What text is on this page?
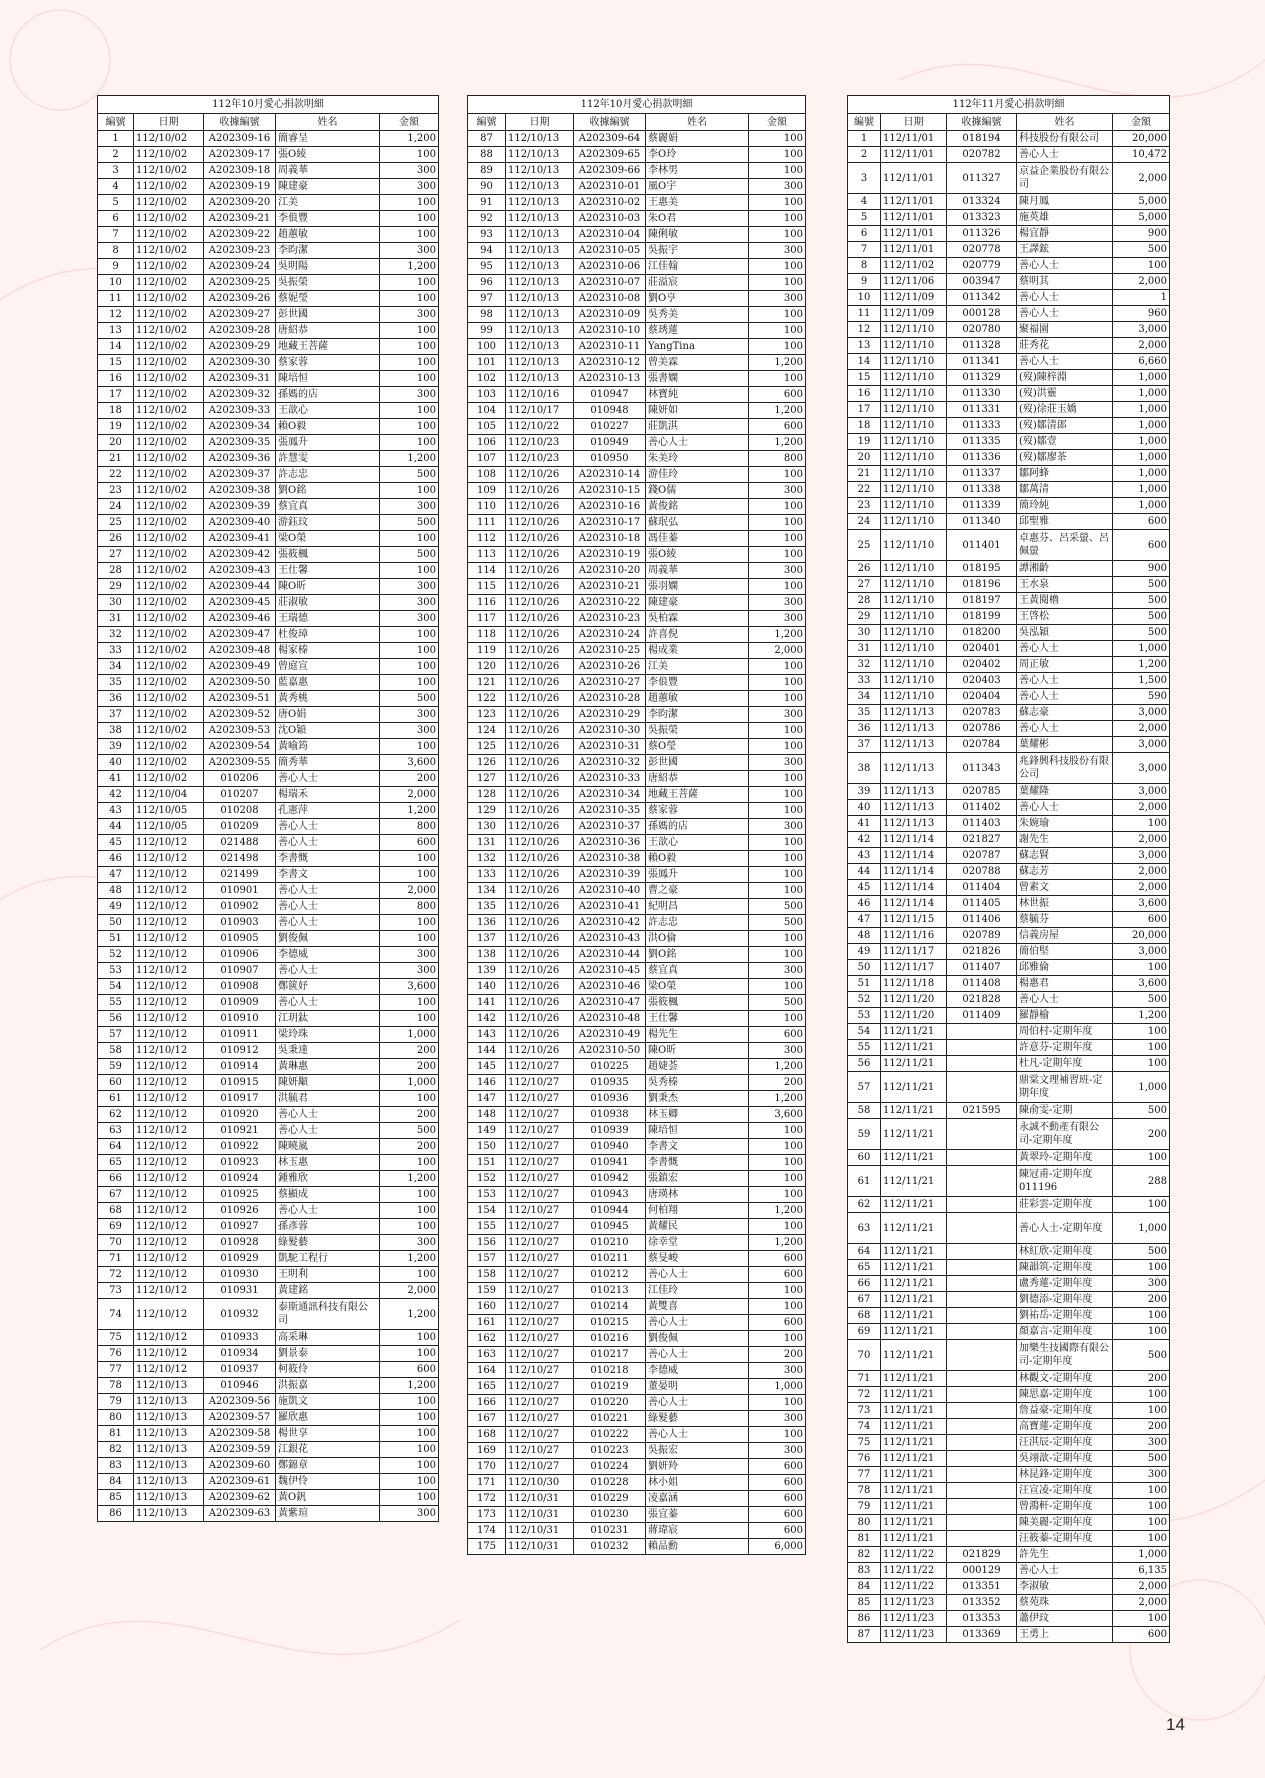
112年10月愛心捐款明細				
編號	日期	收據編號	姓名	金額
1	112/10/02	A202309-16	簡睿呈	1,200
2	112/10/02	A202309-17	張O綾	100
3	112/10/02	A202309-18	周義華	300
4	112/10/02	A202309-19	陳建豪	300
5	112/10/02	A202309-20	江美	100
6	112/10/02	A202309-21	李俍豐	100
7	112/10/02	A202309-22	趙蕙敏	100
8	112/10/02	A202309-23	李昀潔	300
9	112/10/02	A202309-24	吳明陽	1,200
10	112/10/02	A202309-25	吳振榮	100
11	112/10/02	A202309-26	蔡妮瑩	100
12	112/10/02	A202309-27	彭世國	300
13	112/10/02	A202309-28	唐紹恭	100
14	112/10/02	A202309-29	地藏王菩薩	100
15	112/10/02	A202309-30	蔡家蓉	100
16	112/10/02	A202309-31	陳培恒	100
17	112/10/02	A202309-32	孫媽的店	300
18	112/10/02	A202309-33	王歆心	100
19	112/10/02	A202309-34	賴O毅	100
20	112/10/02	A202309-35	張鳳升	100
21	112/10/02	A202309-36	許慧雯	1,200
22	112/10/02	A202309-37	許志忠	500
23	112/10/02	A202309-38	劉O銘	100
24	112/10/02	A202309-39	蔡宜真	300
25	112/10/02	A202309-40	游鈺玟	500
26	112/10/02	A202309-41	梁O榮	100
27	112/10/02	A202309-42	張筱楓	500
28	112/10/02	A202309-43	王仕馨	100
29	112/10/02	A202309-44	陳O昕	300
30	112/10/02	A202309-45	莊淑敏	300
31	112/10/02	A202309-46	王瑞德	300
32	112/10/02	A202309-47	杜俊璋	100
33	112/10/02	A202309-48	楊家榛	100
34	112/10/02	A202309-49	曾庭宣	100
35	112/10/02	A202309-50	藍嘉惠	100
36	112/10/02	A202309-51	黃秀桃	500
37	112/10/02	A202309-52	唐O娟	300
38	112/10/02	A202309-53	沈O穎	300
39	112/10/02	A202309-54	黃喻筠	100
40	112/10/02	A202309-55	簡秀華	3,600
41	112/10/02	010206	善心人士	200
42	112/10/04	010207	楊瑞禾	2,000
43	112/10/05	010208	孔憲萍	1,200
44	112/10/05	010209	善心人士	800
45	112/10/12	021488	善心人士	600
46	112/10/12	021498	李書慨	100
47	112/10/12	021499	李書文	100
48	112/10/12	010901	善心人士	2,000
49	112/10/12	010902	善心人士	800
50	112/10/12	010903	善心人士	100
51	112/10/12	010905	劉俊佩	100
52	112/10/12	010906	李德威	300
53	112/10/12	010907	善心人士	300
54	112/10/12	010908	鄭篋妤	3,600
55	112/10/12	010909	善心人士	100
56	112/10/12	010910	江玥鈦	100
57	112/10/12	010911	梁玲珠	1,000
58	112/10/12	010912	吳秉達	200
59	112/10/12	010914	黃琳惠	200
60	112/10/12	010915	陳妍顒	1,000
61	112/10/12	010917	洪毓君	100
62	112/10/12	010920	善心人士	200
63	112/10/12	010921	善心人士	500
64	112/10/12	010922	陳曉嵐	200
65	112/10/12	010923	林玉惠	100
66	112/10/12	010924	鍾雅欣	1,200
67	112/10/12	010925	蔡顯成	100
68	112/10/12	010926	善心人士	100
69	112/10/12	010927	孫彥蓉	100
70	112/10/12	010928	綠髮藝	300
71	112/10/12	010929	凱駝工程行	1,200
72	112/10/12	010930	王明利	100
73	112/10/12	010931	黃建銘	2,000
74	112/10/12	010932	泰斯通訊科技有限公司	1,200
75	112/10/12	010933	高采琳	100
76	112/10/12	010934	劉景泰	100
77	112/10/12	010937	柯筱伶	600
78	112/10/13	010946	洪振嘉	1,200
79	112/10/13	A202309-56	施凱文	100
80	112/10/13	A202309-57	羅欣惠	100
81	112/10/13	A202309-58	楊世享	100
82	112/10/13	A202309-59	江銀花	100
83	112/10/13	A202309-60	鄭錦章	100
84	112/10/13	A202309-61	魏伊伶	100
85	112/10/13	A202309-62	黃O釩	100
86	112/10/13	A202309-63	黃紫瑄	300
112年10月愛心捐款明細				
編號	日期	收據編號	姓名	金額
87	112/10/13	A202309-64	蔡麗娟	100
88	112/10/13	A202309-65	李O玲	100
89	112/10/13	A202309-66	李林男	100
90	112/10/13	A202310-01	風O宇	300
91	112/10/13	A202310-02	王惠美	100
92	112/10/13	A202310-03	朱O君	100
93	112/10/13	A202310-04	陳俐敏	100
94	112/10/13	A202310-05	吳振宇	300
95	112/10/13	A202310-06	江佳翰	100
96	112/10/13	A202310-07	莊溢宸	100
97	112/10/13	A202310-08	劉O亨	300
98	112/10/13	A202310-09	吳秀美	100
99	112/10/13	A202310-10	蔡琇蓮	100
100	112/10/13	A202310-11	YangTina	100
101	112/10/13	A202310-12	曾美霖	1,200
102	112/10/13	A202310-13	張書嫻	100
103	112/10/16	010947	林寶純	600
104	112/10/17	010948	陳妍如	1,200
105	112/10/22	010227	莊凱淇	600
106	112/10/23	010949	善心人士	1,200
107	112/10/23	010950	朱美玲	800
108	112/10/26	A202310-14	游佳玲	100
109	112/10/26	A202310-15	錢O儒	300
110	112/10/26	A202310-16	黃俊銘	100
111	112/10/26	A202310-17	蘇珉弘	100
112	112/10/26	A202310-18	馮佳蓁	100
113	112/10/26	A202310-19	張O綾	100
114	112/10/26	A202310-20	周義華	300
115	112/10/26	A202310-21	張羽嫻	100
116	112/10/26	A202310-22	陳建豪	300
117	112/10/26	A202310-23	吳柏霖	300
118	112/10/26	A202310-24	許喜倪	1,200
119	112/10/26	A202310-25	楊成業	2,000
120	112/10/26	A202310-26	江美	100
121	112/10/26	A202310-27	李俍豐	100
122	112/10/26	A202310-28	趙蕙敏	100
123	112/10/26	A202310-29	李昀潔	300
124	112/10/26	A202310-30	吳振榮	100
125	112/10/26	A202310-31	蔡O瑩	100
126	112/10/26	A202310-32	彭世國	300
127	112/10/26	A202310-33	唐紹恭	100
128	112/10/26	A202310-34	地藏王菩薩	100
129	112/10/26	A202310-35	蔡家蓉	100
130	112/10/26	A202310-37	孫媽的店	300
131	112/10/26	A202310-36	王歆心	100
132	112/10/26	A202310-38	賴O毅	100
133	112/10/26	A202310-39	張鳳升	100
134	112/10/26	A202310-40	曹之豪	100
135	112/10/26	A202310-41	紀明昌	500
136	112/10/26	A202310-42	許志忠	500
137	112/10/26	A202310-43	洪O倫	100
138	112/10/26	A202310-44	劉O銘	100
139	112/10/26	A202310-45	蔡宜真	300
140	112/10/26	A202310-46	梁O榮	100
141	112/10/26	A202310-47	張筱楓	500
142	112/10/26	A202310-48	王仕馨	100
143	112/10/26	A202310-49	楊先生	600
144	112/10/26	A202310-50	陳O昕	300
145	112/10/27	010225	趙婕荟	1,200
146	112/10/27	010935	吳秀榛	200
147	112/10/27	010936	劉秉杰	1,200
148	112/10/27	010938	林玉卿	3,600
149	112/10/27	010939	陳培恒	100
150	112/10/27	010940	李書文	100
151	112/10/27	010941	李書慨	100
152	112/10/27	010942	張鎮宏	100
153	112/10/27	010943	唐瑛林	100
154	112/10/27	010944	何柏翔	1,200
155	112/10/27	010945	黃耀民	100
156	112/10/27	010210	徐幸堂	1,200
157	112/10/27	010211	蔡旻峻	600
158	112/10/27	010212	善心人士	600
159	112/10/27	010213	江佳玲	100
160	112/10/27	010214	黃雙喜	100
161	112/10/27	010215	善心人士	600
162	112/10/27	010216	劉俊佩	100
163	112/10/27	010217	善心人士	200
164	112/10/27	010218	李德威	300
165	112/10/27	010219	董晏明	1,000
166	112/10/27	010220	善心人士	100
167	112/10/27	010221	綠髮藝	300
168	112/10/27	010222	善心人士	100
169	112/10/27	010223	吳振宏	300
170	112/10/27	010224	劉妍羚	600
171	112/10/30	010228	林小姐	600
172	112/10/31	010229	凌嘉涵	600
173	112/10/31	010230	張宜蓁	600
174	112/10/31	010231	蔣瑋宸	600
175	112/10/31	010232	賴品勳	6,000
112年11月愛心捐款明細				
編號	日期	收據編號	姓名	金額
1	112/11/01	018194	科技股份有限公司	20,000
2	112/11/01	020782	善心人士	10,472
3	112/11/01	011327	京益企業股份有限公司	2,000
4	112/11/01	013324	陳月鳳	5,000
5	112/11/01	013323	施英雄	5,000
6	112/11/01	011326	楊宜靜	900
7	112/11/01	020778	王譯鋐	500
8	112/11/02	020779	善心人士	100
9	112/11/06	003947	蔡明其	2,000
10	112/11/09	011342	善心人士	1
11	112/11/09	000128	善心人士	960
12	112/11/10	020780	聚福園	3,000
13	112/11/10	011328	莊秀花	2,000
14	112/11/10	011341	善心人士	6,660
15	112/11/10	011329	(歿)陳梓淵	1,000
16	112/11/10	011330	(歿)洪靈	1,000
17	112/11/10	011331	(歿)徐莊玉嬌	1,000
18	112/11/10	011333	(歿)鄒清郎	1,000
19	112/11/10	011335	(歿)鄒壹	1,000
20	112/11/10	011336	(歿)鄒廖茶	1,000
21	112/11/10	011337	鄒阿蜂	1,000
22	112/11/10	011338	鄒萬清	1,000
23	112/11/10	011339	簡玲純	1,000
24	112/11/10	011340	邱聖雅	600
25	112/11/10	011401	卓惠芬、呂采螢、呂佩螢	600
26	112/11/10	018195	譚湘齡	900
27	112/11/10	018196	王水泉	500
28	112/11/10	018197	王黃閱櫓	500
29	112/11/10	018199	王啓松	500
30	112/11/10	018200	吳泓穎	500
31	112/11/10	020401	善心人士	1,000
32	112/11/10	020402	周正敏	1,200
33	112/11/10	020403	善心人士	1,500
34	112/11/10	020404	善心人士	590
35	112/11/13	020783	蘇志豪	3,000
36	112/11/13	020786	善心人士	2,000
37	112/11/13	020784	葉耀彬	3,000
38	112/11/13	011343	兆鋒興科技股份有限公司	3,000
39	112/11/13	020785	葉耀隆	3,000
40	112/11/13	011402	善心人士	2,000
41	112/11/13	011403	朱婉瑜	100
42	112/11/14	021827	謝先生	2,000
43	112/11/14	020787	蘇志賢	3,000
44	112/11/14	020788	蘇志芳	2,000
45	112/11/14	011404	曾素文	2,000
46	112/11/14	011405	林世振	3,600
47	112/11/15	011406	蔡毓芬	600
48	112/11/16	020789	信義房屋	20,000
49	112/11/17	021826	簡伯堅	3,000
50	112/11/17	011407	邱雅倫	100
51	112/11/18	011408	楊惠君	3,600
52	112/11/20	021828	善心人士	500
53	112/11/20	011409	羅靜榆	1,200
54	112/11/21		周伯村-定期年度	100
55	112/11/21		許意芬-定期年度	100
56	112/11/21		杜凡-定期年度	100
57	112/11/21		鼎棠文理補習班-定期年度	1,000
58	112/11/21	021595	陳俞雯-定期	500
59	112/11/21		永誠不動產有限公司-定期年度	200
60	112/11/21		黃翠玲-定期年度	100
61	112/11/21		陳冠甫-定期年度011196	288
62	112/11/21		莊彩雲-定期年度	100
63	112/11/21		善心人士-定期年度	1,000
64	112/11/21		林紅欣-定期年度	500
65	112/11/21		陳韻筑-定期年度	100
66	112/11/21		盧秀蓮-定期年度	300
67	112/11/21		劉德添-定期年度	200
68	112/11/21		劉祐岳-定期年度	100
69	112/11/21		顏嘉言-定期年度	100
70	112/11/21		加樂生技國際有限公司-定期年度	500
71	112/11/21		林觀文-定期年度	200
72	112/11/21		陳思嘉-定期年度	100
73	112/11/21		詹益豪-定期年度	100
74	112/11/21		高寶蓮-定期年度	200
75	112/11/21		汪淇辰-定期年度	300
76	112/11/21		吳翊歆-定期年度	500
77	112/11/21		林昆鋒-定期年度	300
78	112/11/21		汪宣凌-定期年度	100
79	112/11/21		曾鴻軒-定期年度	100
80	112/11/21		陳美麗-定期年度	100
81	112/11/21		汪筱蓁-定期年度	100
82	112/11/22	021829	許先生	1,000
83	112/11/22	000129	善心人士	6,135
84	112/11/22	013351	李淑敏	2,000
85	112/11/23	013352	蔡苑珠	2,000
86	112/11/23	013353	蕭伊玟	100
87	112/11/23	013369	王勇上	600
14
